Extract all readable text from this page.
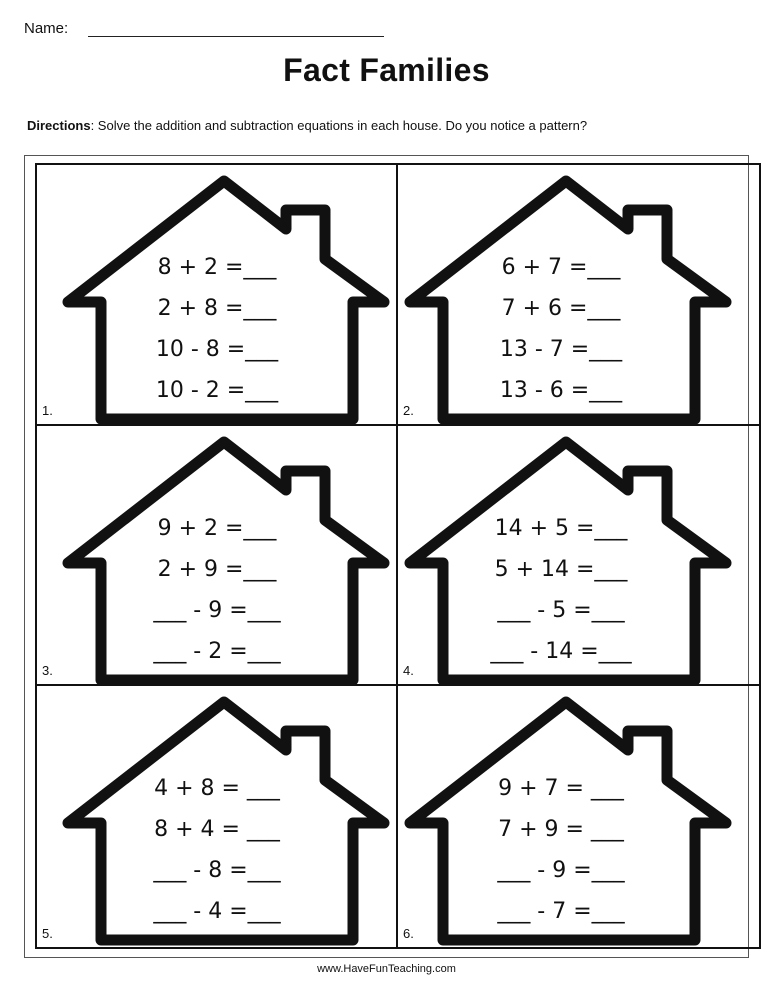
Name:
Fact Families
Directions: Solve the addition and subtraction equations in each house. Do you notice a pattern?
8 + 2 =___
2 + 8 =___
10 - 8 =___
10 - 2 =___
1.
6 + 7 =___
7 + 6 =___
13 - 7 =___
13 - 6 =___
2.
9 + 2 =___
2 + 9 =___
___ - 9 =___
___ - 2 =___
3.
14 + 5 =___
5 + 14 =___
___ - 5 =___
___ - 14 =___
4.
4 + 8 = ___
8 + 4 = ___
___ - 8 =___
___ - 4 =___
5.
9 + 7 = ___
7 + 9 = ___
___ - 9 =___
___ - 7 =___
6.
www.HaveFunTeaching.com
